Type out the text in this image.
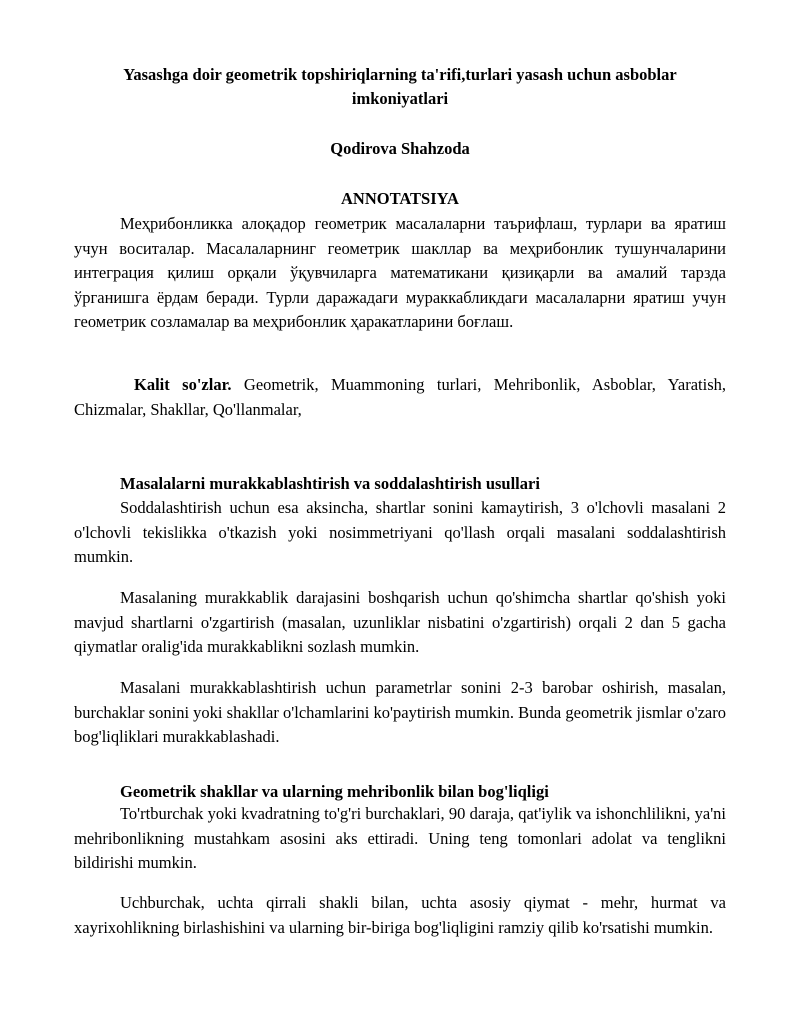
Yasashga doir geometrik topshiriqlarning ta'rifi,turlari yasash uchun asboblar imkoniyatlari

Qodirova Shahzoda

ANNOTATSIYA

Меҳрибонликка алоқадор геометрик масалаларни таърифлаш, турлари ва яратиш учун воситалар. Масалаларнинг геометрик шакллар ва меҳрибонлик тушунчаларини интеграция қилиш орқали ўқувчиларга математикани қизиқарли ва амалий тарзда ўрганишга ёрдам беради. Турли даражадаги мураккабликдаги масалаларни яратиш учун геометрик созламалар ва меҳрибонлик ҳаракатларини боғлаш.

Kalit so'zlar. Geometrik, Muammoning turlari, Mehribonlik, Asboblar, Yaratish, Chizmalar, Shakllar, Qo'llanmalar,

Masalalarni murakkablashtirish va soddalashtirish usullari

Soddalashtirish uchun esa aksincha, shartlar sonini kamaytirish, 3 o'lchovli masalani 2 o'lchovli tekislikka o'tkazish yoki nosimmetriyani qo'llash orqali masalani soddalashtirish mumkin.

Masalaning murakkablik darajasini boshqarish uchun qo'shimcha shartlar qo'shish yoki mavjud shartlarni o'zgartirish (masalan, uzunliklar nisbatini o'zgartirish) orqali 2 dan 5 gacha qiymatlar oralig'ida murakkablikni sozlash mumkin.

Masalani murakkablashtirish uchun parametrlar sonini 2-3 barobar oshirish, masalan, burchaklar sonini yoki shakllar o'lchamlarini ko'paytirish mumkin. Bunda geometrik jismlar o'zaro bog'liqliklari murakkablashadi.

Geometrik shakllar va ularning mehribonlik bilan bog'liqligi

To'rtburchak yoki kvadratning to'g'ri burchaklari, 90 daraja, qat'iylik va ishonchlilikni, ya'ni mehribonlikning mustahkam asosini aks ettiradi. Uning teng tomonlari adolat va tenglikni bildirishi mumkin.

Uchburchak, uchta qirrali shakli bilan, uchta asosiy qiymat - mehr, hurmat va xayrixohlikning birlashishini va ularning bir-biriga bog'liqligini ramziy qilib ko'rsatishi mumkin.
